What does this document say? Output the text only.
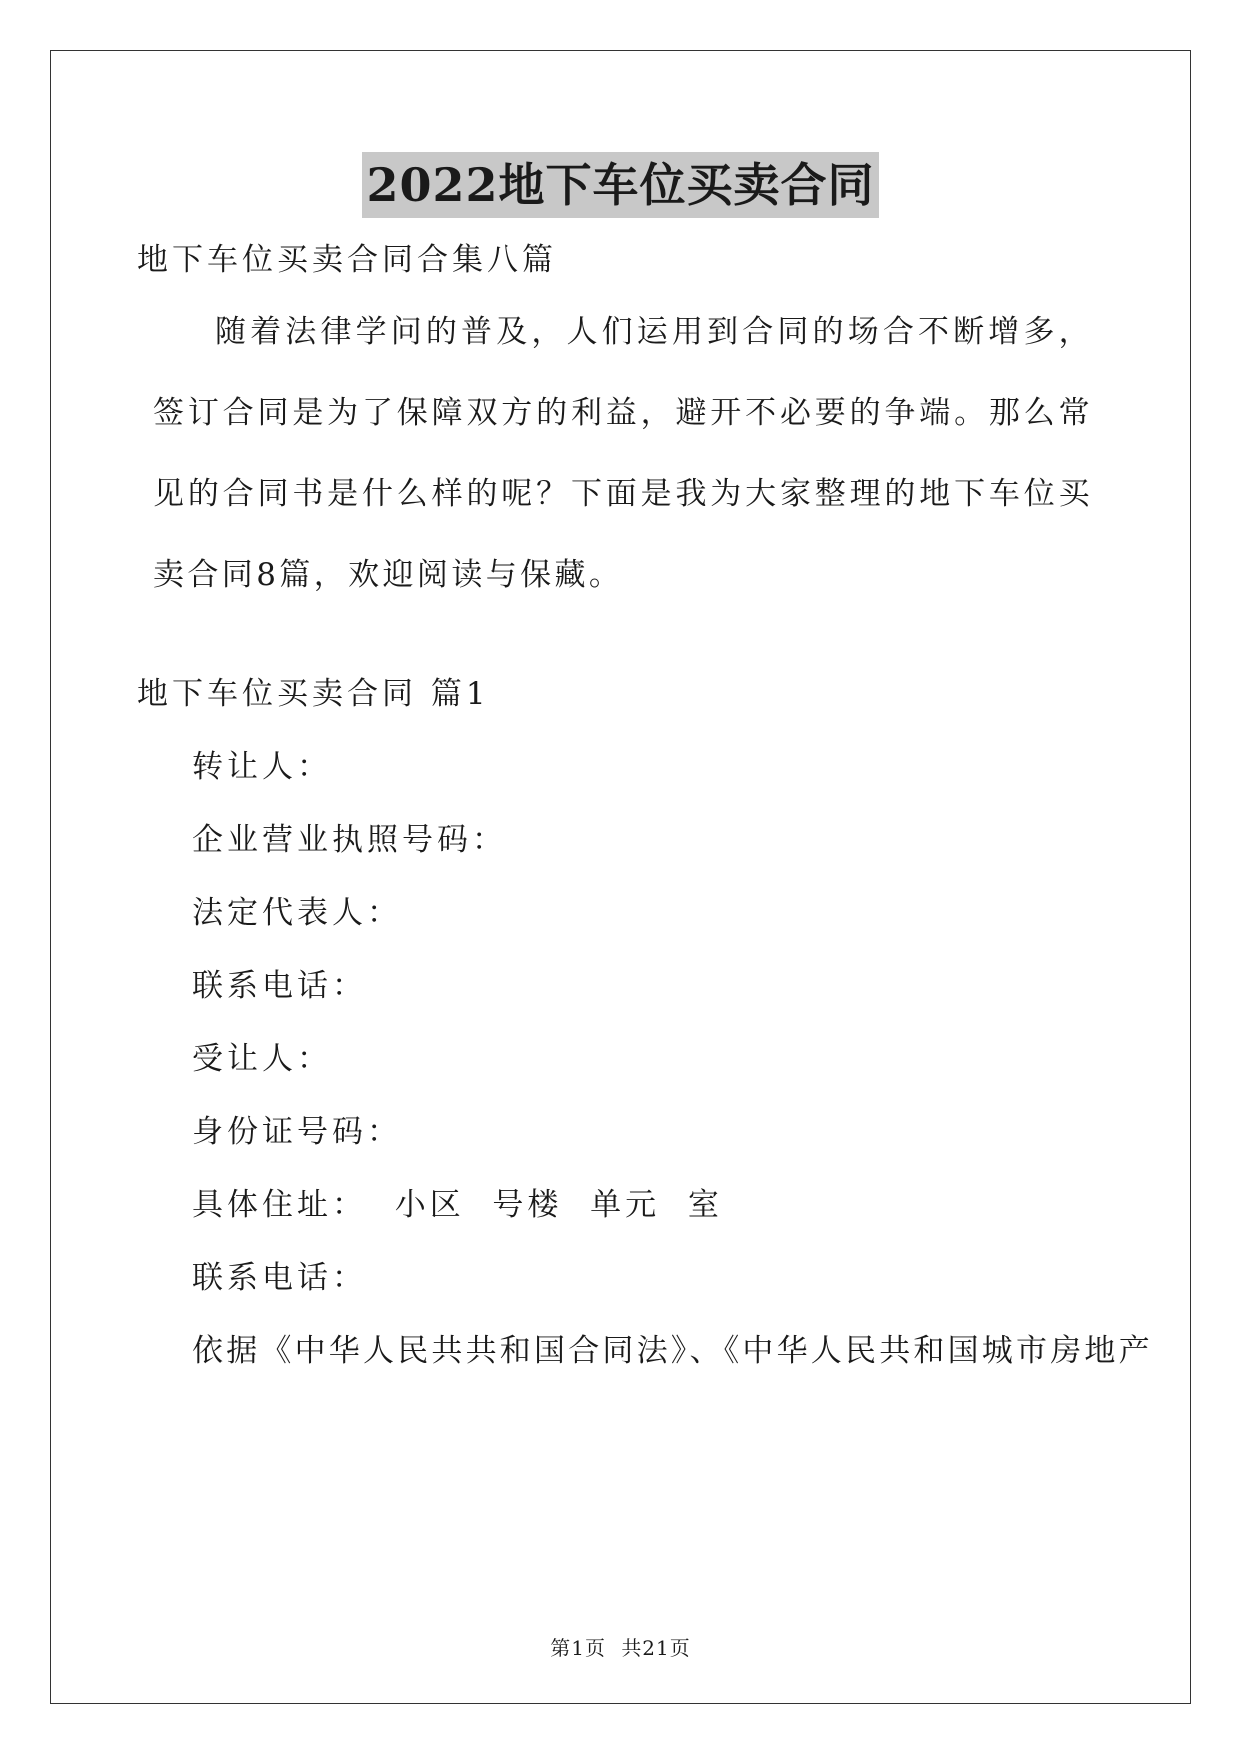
2022地下车位买卖合同
地下车位买卖合同合集八篇

随着法律学问的普及，人们运用到合同的场合不断增多，签订合同是为了保障双方的利益，避开不必要的争端。那么常见的合同书是什么样的呢？下面是我为大家整理的地下车位买卖合同8篇，欢迎阅读与保藏。

地下车位买卖合同 篇1
转让人：
企业营业执照号码：
法定代表人：
联系电话：
受让人：
身份证号码：
具体住址：  小区  号楼  单元  室
联系电话：
依据《中华人民共共和国合同法》、《中华人民共和国城市房地产
第1页 共21页
